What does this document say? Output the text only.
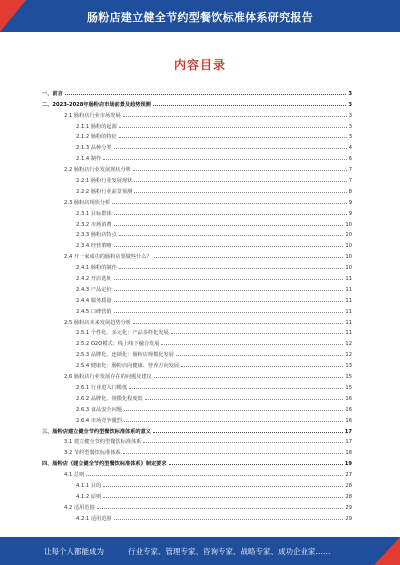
肠粉店建立健全节约型餐饮标准体系研究报告
内容目录
一、前言	3
二、2023-2028年肠粉店市场前景及趋势预测	3
2.1 肠粉店行业市场发展	3
2.1.1 肠粉的起源	3
2.1.2 肠粉的特征	3
2.1.3 品种分类	4
2.1.4 制作	6
2.2 肠粉店行业发展现状分析	7
2.2.1 肠粉行业发展现状	7
2.2.2 肠粉行业前景预测	8
2.3 肠粉店现状分析	9
2.3.1 目标群体	9
2.3.2 市场消费	10
2.3.3 肠粉店特点	10
2.3.4 经营策略	10
2.4 开一家成功的肠粉店要做些什么？	10
2.4.1 肠粉的制作	10
2.4.2 开店选址	11
2.4.3 产品定价	11
2.4.4 服务质量	11
2.4.5 口碑营销	11
2.5 肠粉店未来发展趋势分析	11
2.5.1 个性化、多元化：产品多样化发展	11
2.5.2 O2O模式：线上线下融合发展	12
2.5.3 品牌化、连锁化：肠粉店规模化发展	12
2.5.4 健康化：肠粉店向健康、营养方向发展	13
2.6 肠粉店行业发展存在的问题及建议	15
2.6.1 行业进入门槛低	15
2.6.2 品牌化、规模化程度低	16
2.6.3 食品安全问题	16
2.6.4 市场竞争激烈	16
三、肠粉店建立健全节约型餐饮标准体系的意义	17
3.1 建立健全节约型餐饮标准体系	17
3.2 节约型餐饮标准体系	18
四、肠粉店《建立健全节约型餐饮标准体系》制定要求	19
4.1 总则	27
4.1.1 目的	28
4.1.2 原则	28
4.2 适用范围	29
4.2.1 适用范围	29
让每个人都能成为	行业专家、管理专家、咨询专家、战略专家、成功企业家……
